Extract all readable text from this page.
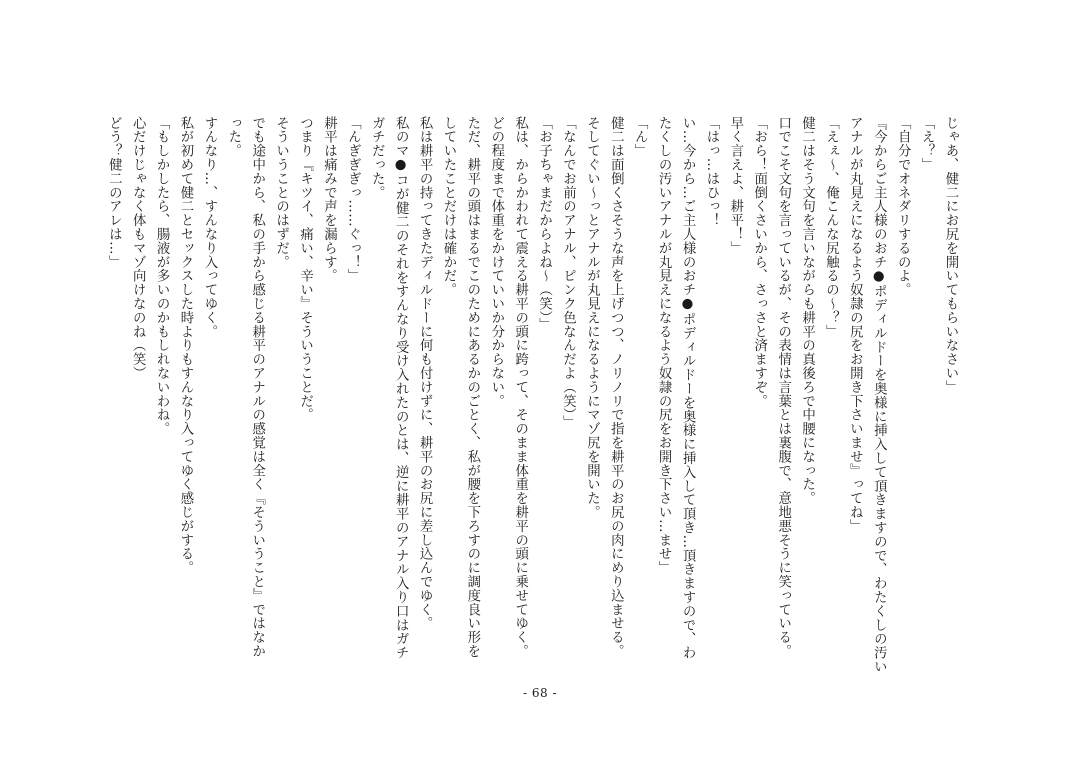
じゃあ、健二にお尻を開いてもらいなさい」
「え？」
「自分でオネダリするのよ。
『今からご主人様のおチ●ポディルドーを奥様に挿入して頂きますので、わたくしの汚い
アナルが丸見えになるよう奴隷の尻をお開き下さいませ』ってね」
「えぇ～、俺こんな尻触るの～？」
健二はそう文句を言いながらも耕平の真後ろで中腰になった。
口でこそ文句を言っているが、その表情は言葉とは裏腹で、意地悪そうに笑っている。
「おら！面倒くさいから、さっさと済ますぞ。
早く言えよ、耕平！」
「はっ…はひっ！
い…今から…ご主人様のおチ●ポディルドーを奥様に挿入して頂き…頂きますので、わ
たくしの汚いアナルが丸見えになるよう奴隷の尻をお開き下さい…ませ」
「ん」
健二は面倒くさそうな声を上げつつ、ノリノリで指を耕平のお尻の肉にめり込ませる。
そしてぐい～っとアナルが丸見えになるようにマゾ尻を開いた。
「なんでお前のアナル、ピンク色なんだよ（笑）」
「お子ちゃまだからよね～（笑）」
私は、からかわれて震える耕平の頭に跨って、そのまま体重を耕平の頭に乗せてゆく。
どの程度まで体重をかけていいか分からない。
ただ、耕平の頭はまるでこのためにあるかのごとく、私が腰を下ろすのに調度良い形を
していたことだけは確かだ。
私は耕平の持ってきたディルドーに何も付けずに、耕平のお尻に差し込んでゆく。
私のマ●コが健二のそれをすんなり受け入れたのとは、逆に耕平のアナル入り口はガチ
ガチだった。
「んぎぎぎっ……ぐっ！」
耕平は痛みで声を漏らす。
つまり『キツイ、痛い、辛い』そういうことだ。
そういうことのはずだ。
でも途中から、私の手から感じる耕平のアナルの感覚は全く『そういうこと』ではなか
った。
すんなり…、すんなり入ってゆく。
私が初めて健二とセックスした時よりもすんなり入ってゆく感じがする。
「もしかしたら、腸液が多いのかもしれないわね。
心だけじゃなく体もマゾ向けなのね（笑）
どう？健二のアレは…」
- 68 -
